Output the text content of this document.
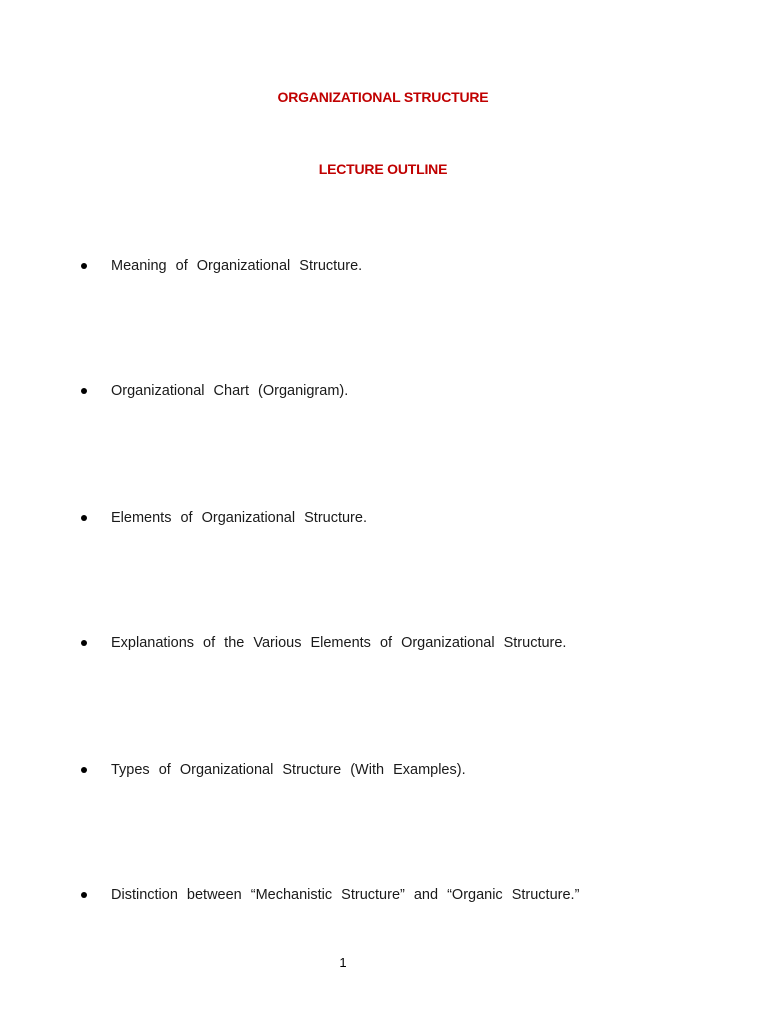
ORGANIZATIONAL STRUCTURE
LECTURE OUTLINE
Meaning of Organizational Structure.
Organizational Chart (Organigram).
Elements of Organizational Structure.
Explanations of the Various Elements of Organizational Structure.
Types of Organizational Structure (With Examples).
Distinction between “Mechanistic Structure” and “Organic Structure.”
1
